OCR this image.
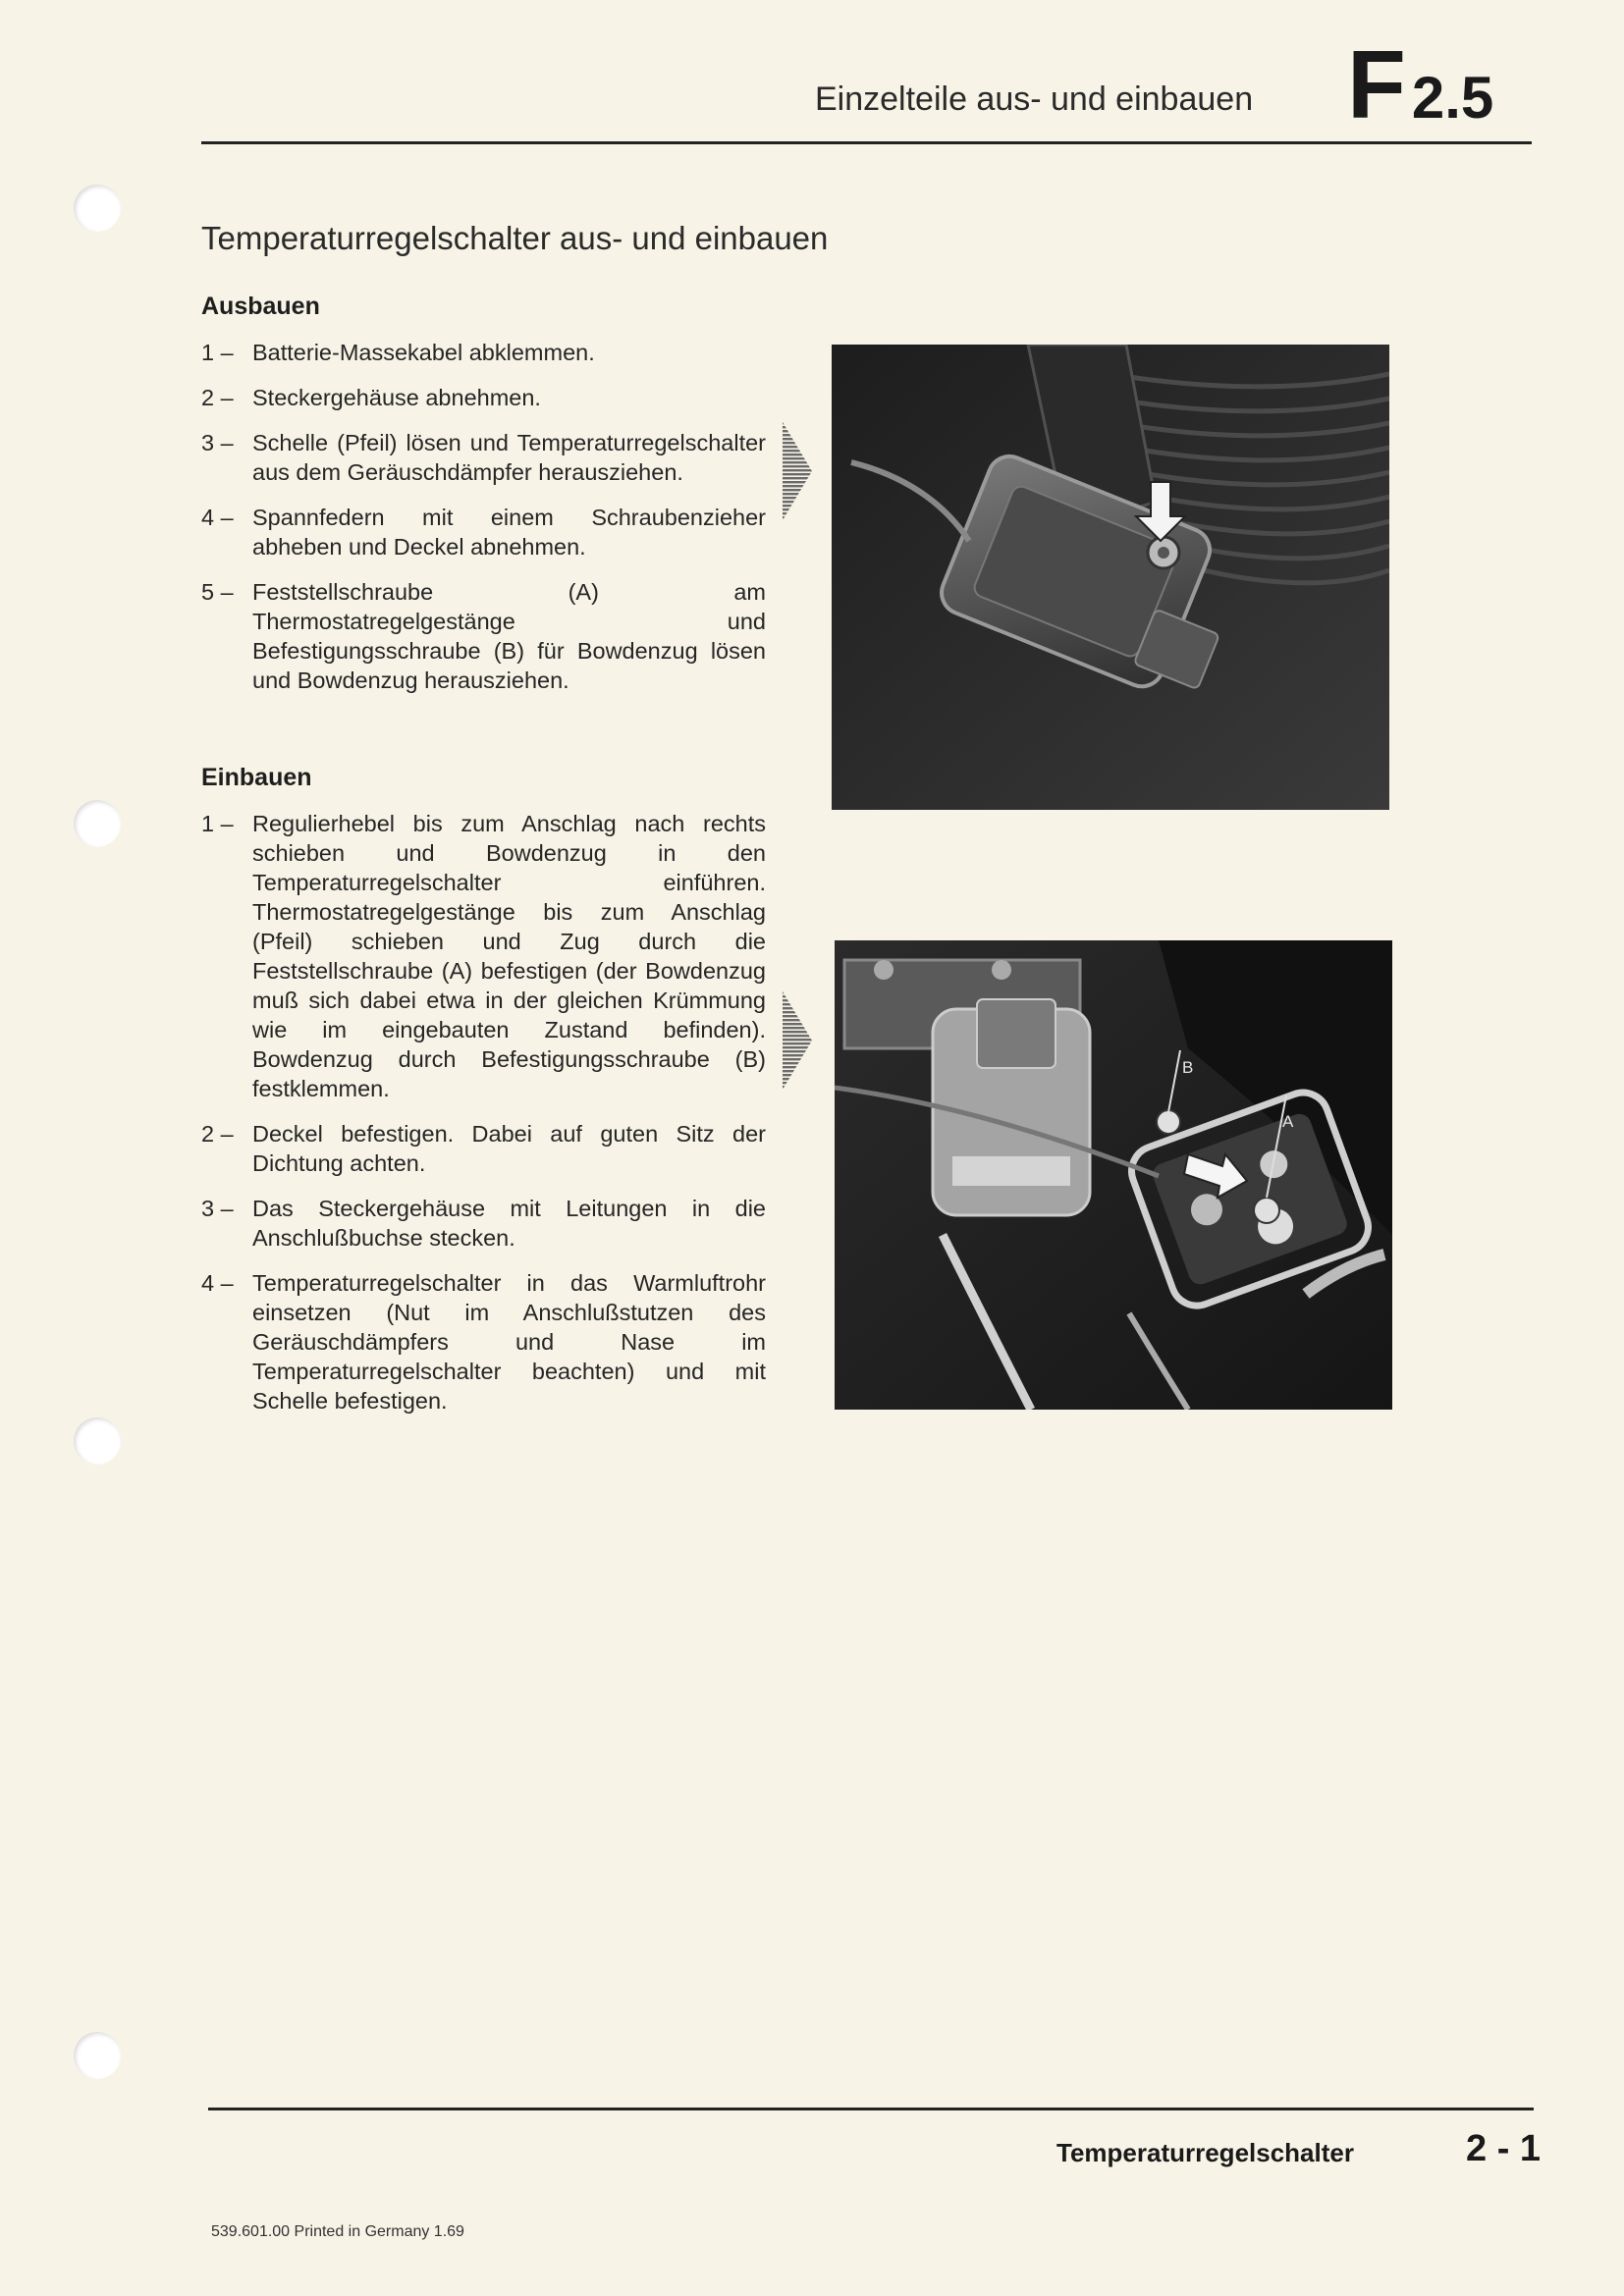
Einzelteile aus- und einbauen F 2.5
Temperaturregelschalter aus- und einbauen
Ausbauen
1 – Batterie-Massekabel abklemmen.
2 – Steckergehäuse abnehmen.
3 – Schelle (Pfeil) lösen und Temperaturregelschalter aus dem Geräuschdämpfer herausziehen.
4 – Spannfedern mit einem Schraubenzieher abheben und Deckel abnehmen.
5 – Feststellschraube (A) am Thermostatregelgestänge und Befestigungsschraube (B) für Bowdenzug lösen und Bowdenzug herausziehen.
Einbauen
1 – Regulierhebel bis zum Anschlag nach rechts schieben und Bowdenzug in den Temperaturregelschalter einführen. Thermostatregelgestänge bis zum Anschlag (Pfeil) schieben und Zug durch die Feststellschraube (A) befestigen (der Bowdenzug muß sich dabei etwa in der gleichen Krümmung wie im eingebauten Zustand befinden). Bowdenzug durch Befestigungsschraube (B) festklemmen.
2 – Deckel befestigen. Dabei auf guten Sitz der Dichtung achten.
3 – Das Steckergehäuse mit Leitungen in die Anschlußbuchse stecken.
4 – Temperaturregelschalter in das Warmluftrohr einsetzen (Nut im Anschlußstutzen des Geräuschdämpfers und Nase im Temperaturregelschalter beachten) und mit Schelle befestigen.
B
A
Temperaturregelschalter	2 - 1
539.601.00 Printed in Germany 1.69
